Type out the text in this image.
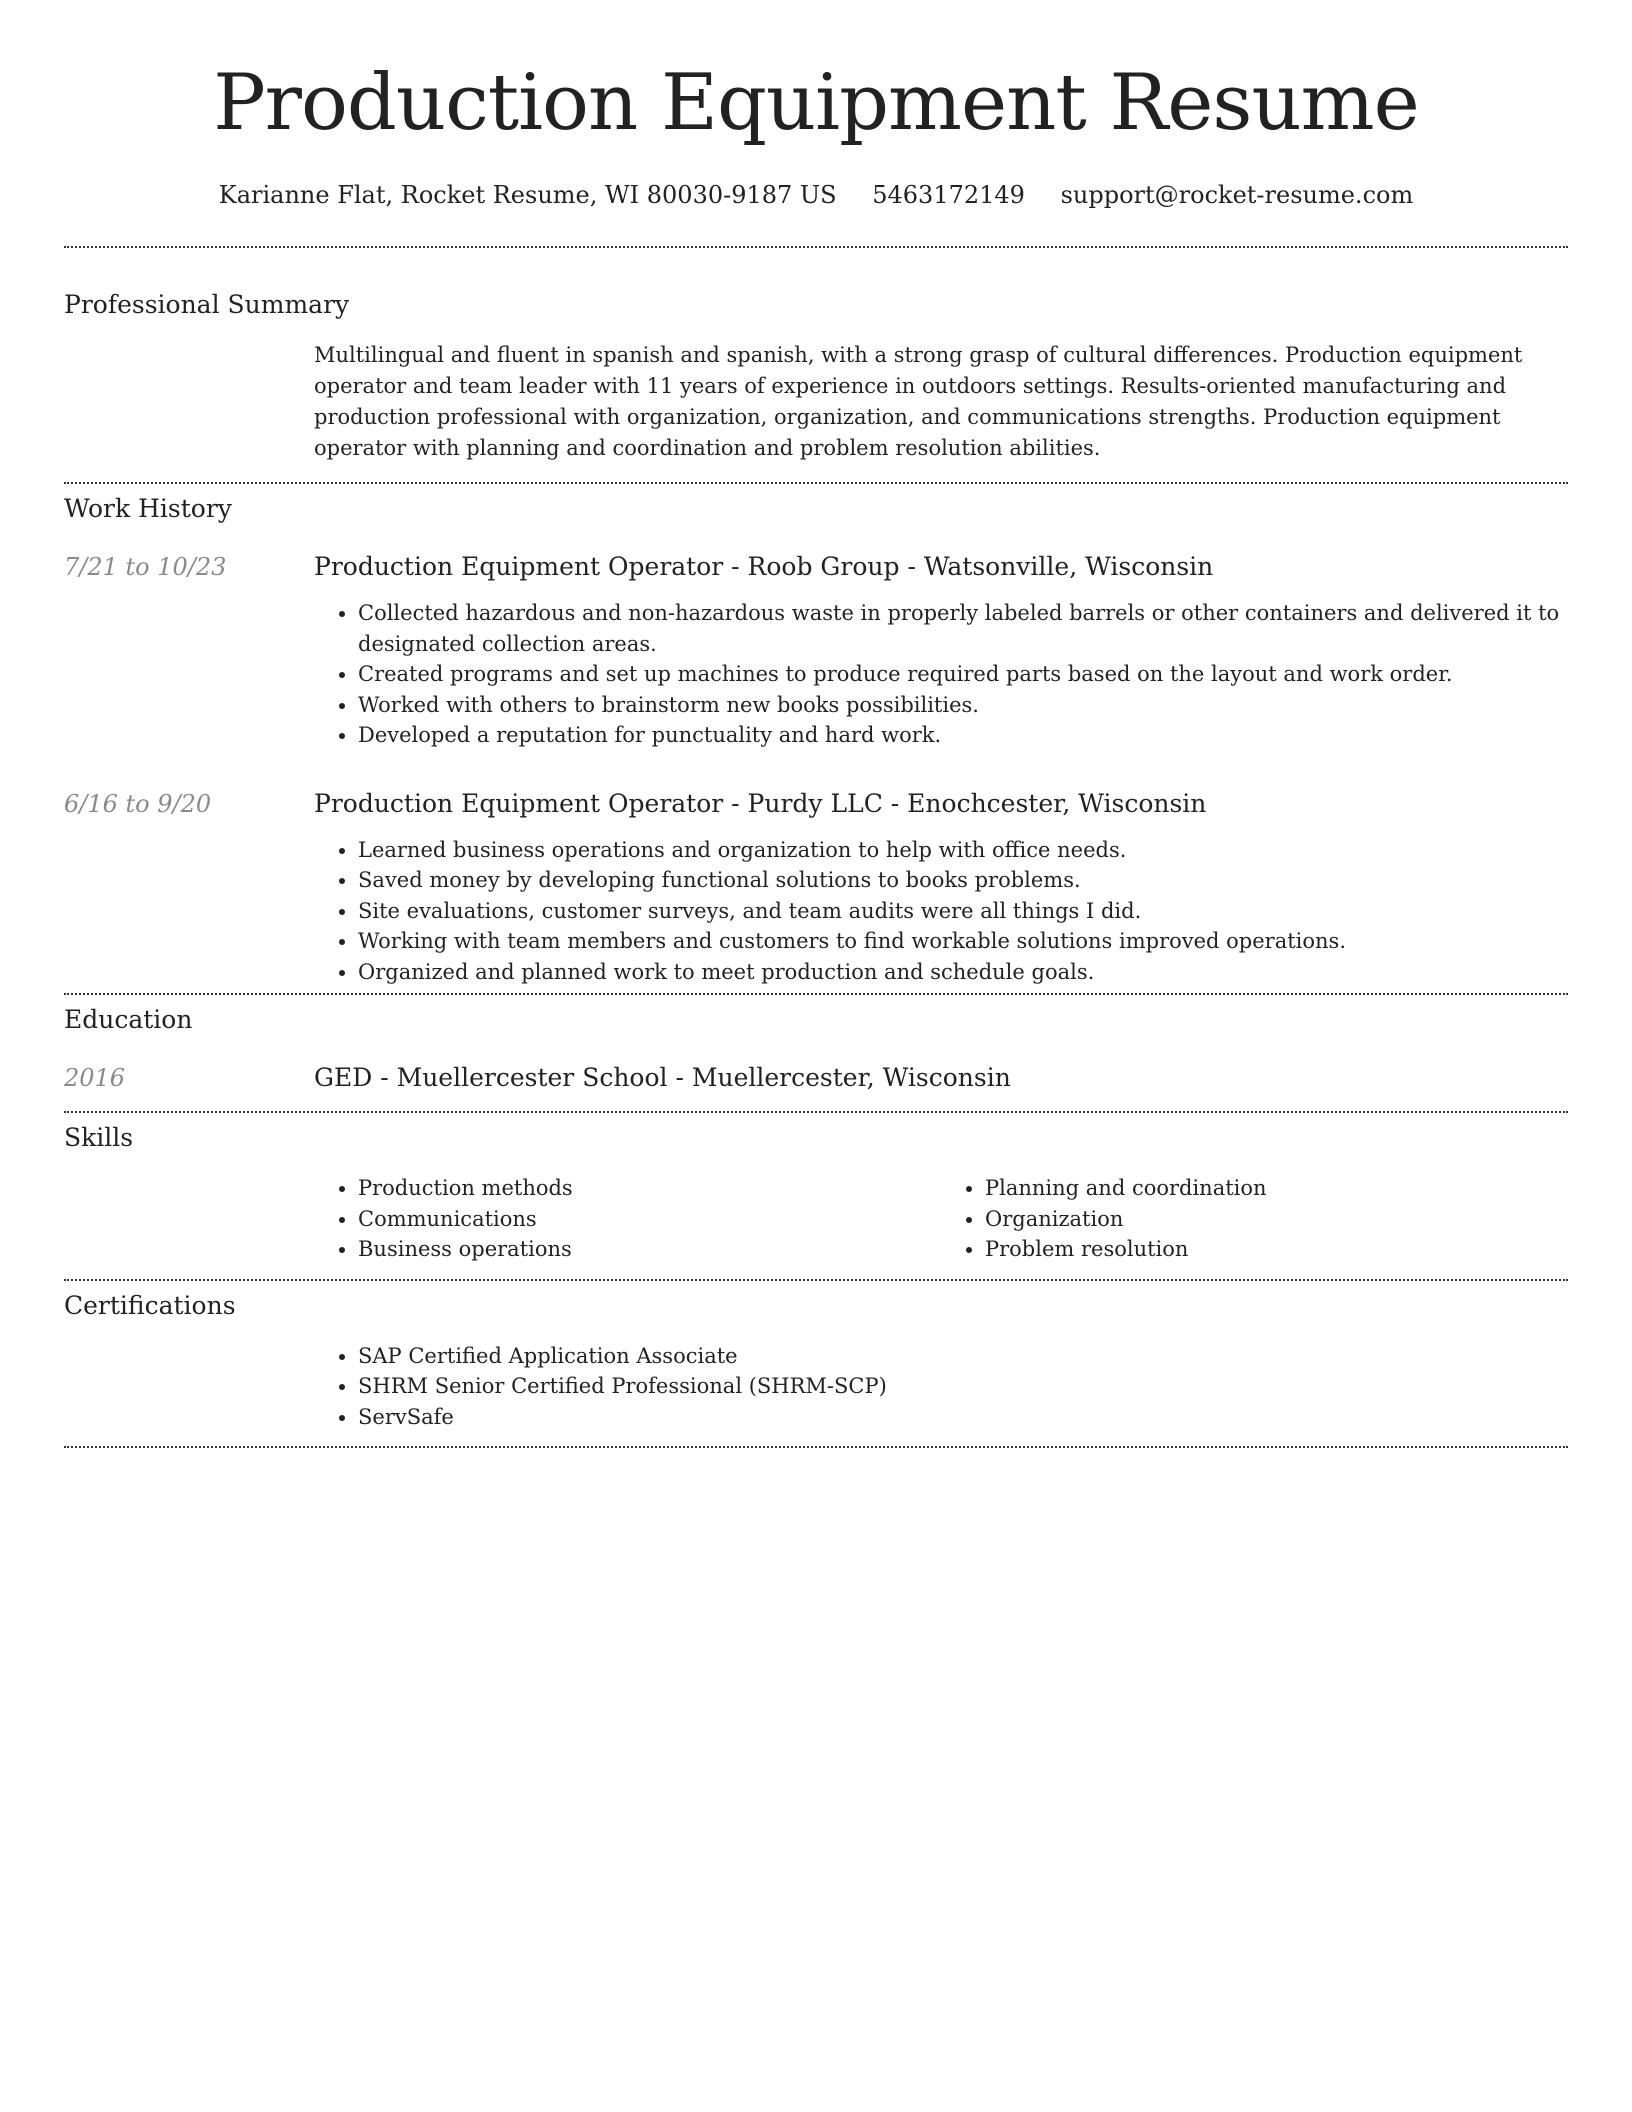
Production Equipment Resume
Karianne Flat, Rocket Resume, WI 80030-9187 US 5463172149 support@rocket-resume.com
Professional Summary

Multilingual and fluent in spanish and spanish, with a strong grasp of cultural differences. Production equipment operator and team leader with 11 years of experience in outdoors settings. Results-oriented manufacturing and production professional with organization, organization, and communications strengths. Production equipment operator with planning and coordination and problem resolution abilities.

Work History
7/21 to 10/23	Production Equipment Operator - Roob Group - Watsonville, Wisconsin
• Collected hazardous and non-hazardous waste in properly labeled barrels or other containers and delivered it to designated collection areas.
• Created programs and set up machines to produce required parts based on the layout and work order.
• Worked with others to brainstorm new books possibilities.
• Developed a reputation for punctuality and hard work.
6/16 to 9/20	Production Equipment Operator - Purdy LLC - Enochcester, Wisconsin
• Learned business operations and organization to help with office needs.
• Saved money by developing functional solutions to books problems.
• Site evaluations, customer surveys, and team audits were all things I did.
• Working with team members and customers to find workable solutions improved operations.
• Organized and planned work to meet production and schedule goals.
Education
2016	GED - Muellercester School - Muellercester, Wisconsin
Skills
• Production methods
• Communications
• Business operations
• Planning and coordination
• Organization
• Problem resolution
Certifications
• SAP Certified Application Associate
• SHRM Senior Certified Professional (SHRM-SCP)
• ServSafe
